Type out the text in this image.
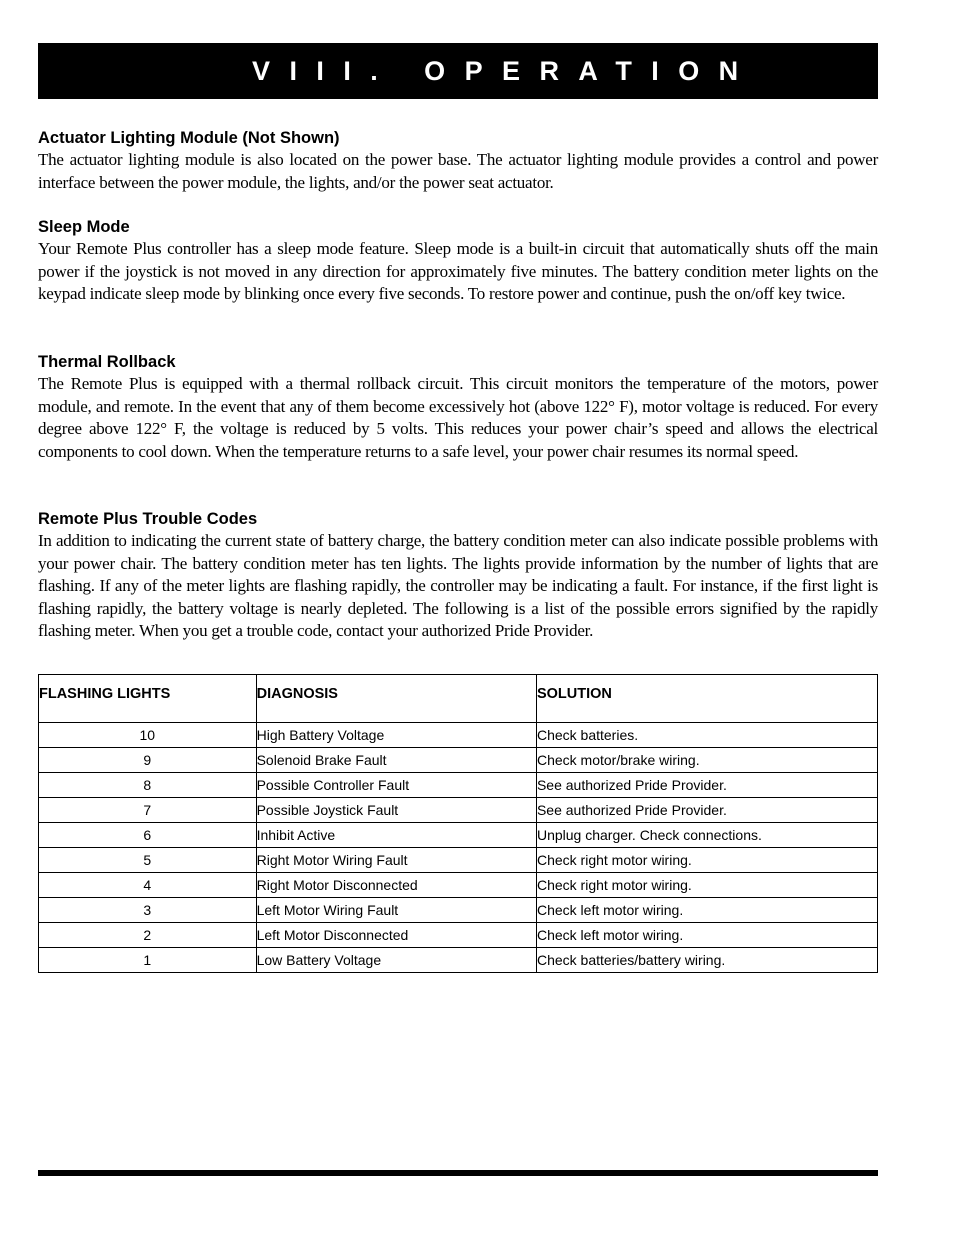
VIII. OPERATION
Actuator Lighting Module (Not Shown)

The actuator lighting module is also located on the power base. The actuator lighting module provides a control and power interface between the power module, the lights, and/or the power seat actuator.

Sleep Mode

Your Remote Plus controller has a sleep mode feature. Sleep mode is a built-in circuit that automatically shuts off the main power if the joystick is not moved in any direction for approximately five minutes. The battery condition meter lights on the keypad indicate sleep mode by blinking once every five seconds. To restore power and continue, push the on/off key twice.

Thermal Rollback

The Remote Plus is equipped with a thermal rollback circuit. This circuit monitors the temperature of the motors, power module, and remote. In the event that any of them become excessively hot (above 122° F), motor voltage is reduced. For every degree above 122° F, the voltage is reduced by 5 volts. This reduces your power chair’s speed and allows the electrical components to cool down. When the temperature returns to a safe level, your power chair resumes its normal speed.

Remote Plus Trouble Codes

In addition to indicating the current state of battery charge, the battery condition meter can also indicate possible problems with your power chair. The battery condition meter has ten lights. The lights provide information by the number of lights that are flashing. If any of the meter lights are flashing rapidly, the controller may be indicating a fault. For instance, if the first light is flashing rapidly, the battery voltage is nearly depleted. The following is a list of the possible errors signified by the rapidly flashing meter. When you get a trouble code, contact your authorized Pride Provider.

FLASHING LIGHTS	DIAGNOSIS	SOLUTION
10	High Battery Voltage	Check batteries.
9	Solenoid Brake Fault	Check motor/brake wiring.
8	Possible Controller Fault	See authorized Pride Provider.
7	Possible Joystick Fault	See authorized Pride Provider.
6	Inhibit Active	Unplug charger. Check connections.
5	Right Motor Wiring Fault	Check right motor wiring.
4	Right Motor Disconnected	Check right motor wiring.
3	Left Motor Wiring Fault	Check left motor wiring.
2	Left Motor Disconnected	Check left motor wiring.
1	Low Battery Voltage	Check batteries/battery wiring.
